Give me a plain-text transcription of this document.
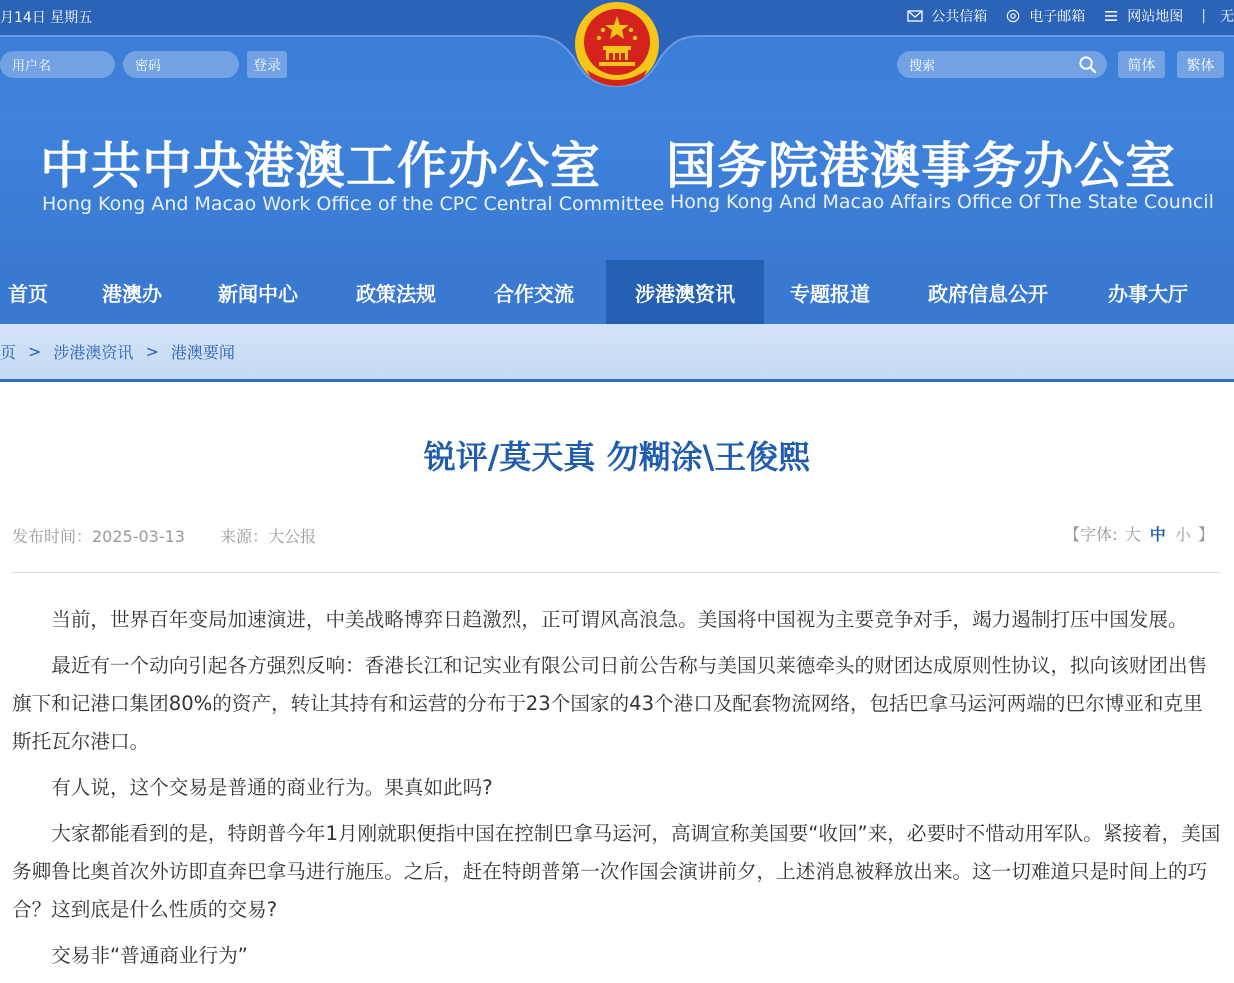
月14日 星期五	公共信箱	电子邮箱	网站地图 | 无
用户名	密码	登录	搜索	简体	繁体
中共中央港澳工作办公室
Hong Kong And Macao Work Office of the CPC Central Committee
国务院港澳事务办公室
Hong Kong And Macao Affairs Office Of The State Council
首页	港澳办	新闻中心	政策法规	合作交流	涉港澳资讯	专题报道	政府信息公开	办事大厅
页 > 涉港澳资讯 > 港澳要闻
锐评/莫天真 勿糊涂\王俊熙
发布时间：2025-03-13 来源：大公报	【字体: 大 中 小 】

当前，世界百年变局加速演进，中美战略博弈日趋激烈，正可谓风高浪急。美国将中国视为主要竞争对手，竭力遏制打压中国发展。

最近有一个动向引起各方强烈反响：香港长江和记实业有限公司日前公告称与美国贝莱德牵头的财团达成原则性协议，拟向该财团出售旗下和记港口集团80%的资产，转让其持有和运营的分布于23个国家的43个港口及配套物流网络，包括巴拿马运河两端的巴尔博亚和克里斯托瓦尔港口。

有人说，这个交易是普通的商业行为。果真如此吗?

大家都能看到的是，特朗普今年1月刚就职便指中国在控制巴拿马运河，高调宣称美国要“收回”来，必要时不惜动用军队。紧接着，美国务卿鲁比奥首次外访即直奔巴拿马进行施压。之后，赶在特朗普第一次作国会演讲前夕，上述消息被释放出来。这一切难道只是时间上的巧合？这到底是什么性质的交易?

交易非“普通商业行为”
